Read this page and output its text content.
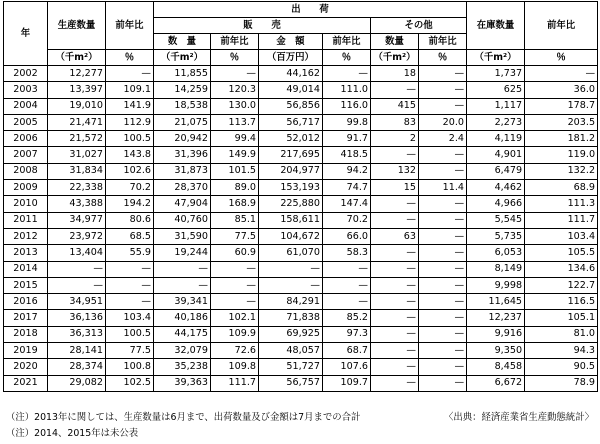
年	生産数量	前年比	出　　荷						在庫数量	前年比
			販　　売				その他			
			数　量	前年比	金　額	前年比	数量	前年比		
	（千m²）	％	（千m²）	％	（百万円）	％	（千m²）	％	（千m²）	％
2002	12,277	—	11,855	—	44,162	—	18	—	1,737	—
2003	13,397	109.1	14,259	120.3	49,014	111.0	—	—	625	36.0
2004	19,010	141.9	18,538	130.0	56,856	116.0	415	—	1,117	178.7
2005	21,471	112.9	21,075	113.7	56,717	99.8	83	20.0	2,273	203.5
2006	21,572	100.5	20,942	99.4	52,012	91.7	2	2.4	4,119	181.2
2007	31,027	143.8	31,396	149.9	217,695	418.5	—	—	4,901	119.0
2008	31,834	102.6	31,873	101.5	204,977	94.2	132	—	6,479	132.2
2009	22,338	70.2	28,370	89.0	153,193	74.7	15	11.4	4,462	68.9
2010	43,388	194.2	47,904	168.9	225,880	147.4	—	—	4,966	111.3
2011	34,977	80.6	40,760	85.1	158,611	70.2	—	—	5,545	111.7
2012	23,972	68.5	31,590	77.5	104,672	66.0	63	—	5,735	103.4
2013	13,404	55.9	19,244	60.9	61,070	58.3	—	—	6,053	105.5
2014	—	—	—	—	—	—	—	—	8,149	134.6
2015	—	—	—	—	—	—	—	—	9,998	122.7
2016	34,951	—	39,341	—	84,291	—	—	—	11,645	116.5
2017	36,136	103.4	40,186	102.1	71,838	85.2	—	—	12,237	105.1
2018	36,313	100.5	44,175	109.9	69,925	97.3	—	—	9,916	81.0
2019	28,141	77.5	32,079	72.6	48,057	68.7	—	—	9,350	94.3
2020	28,374	100.8	35,238	109.8	51,727	107.6	—	—	8,458	90.5
2021	29,082	102.5	39,363	111.7	56,757	109.7	—	—	6,672	78.9
（注）2013年に関しては、生産数量は6月まで、出荷数量及び金額は7月までの合計	〈出典：経済産業省生産動態統計〉
（注）2014、2015年は未公表
